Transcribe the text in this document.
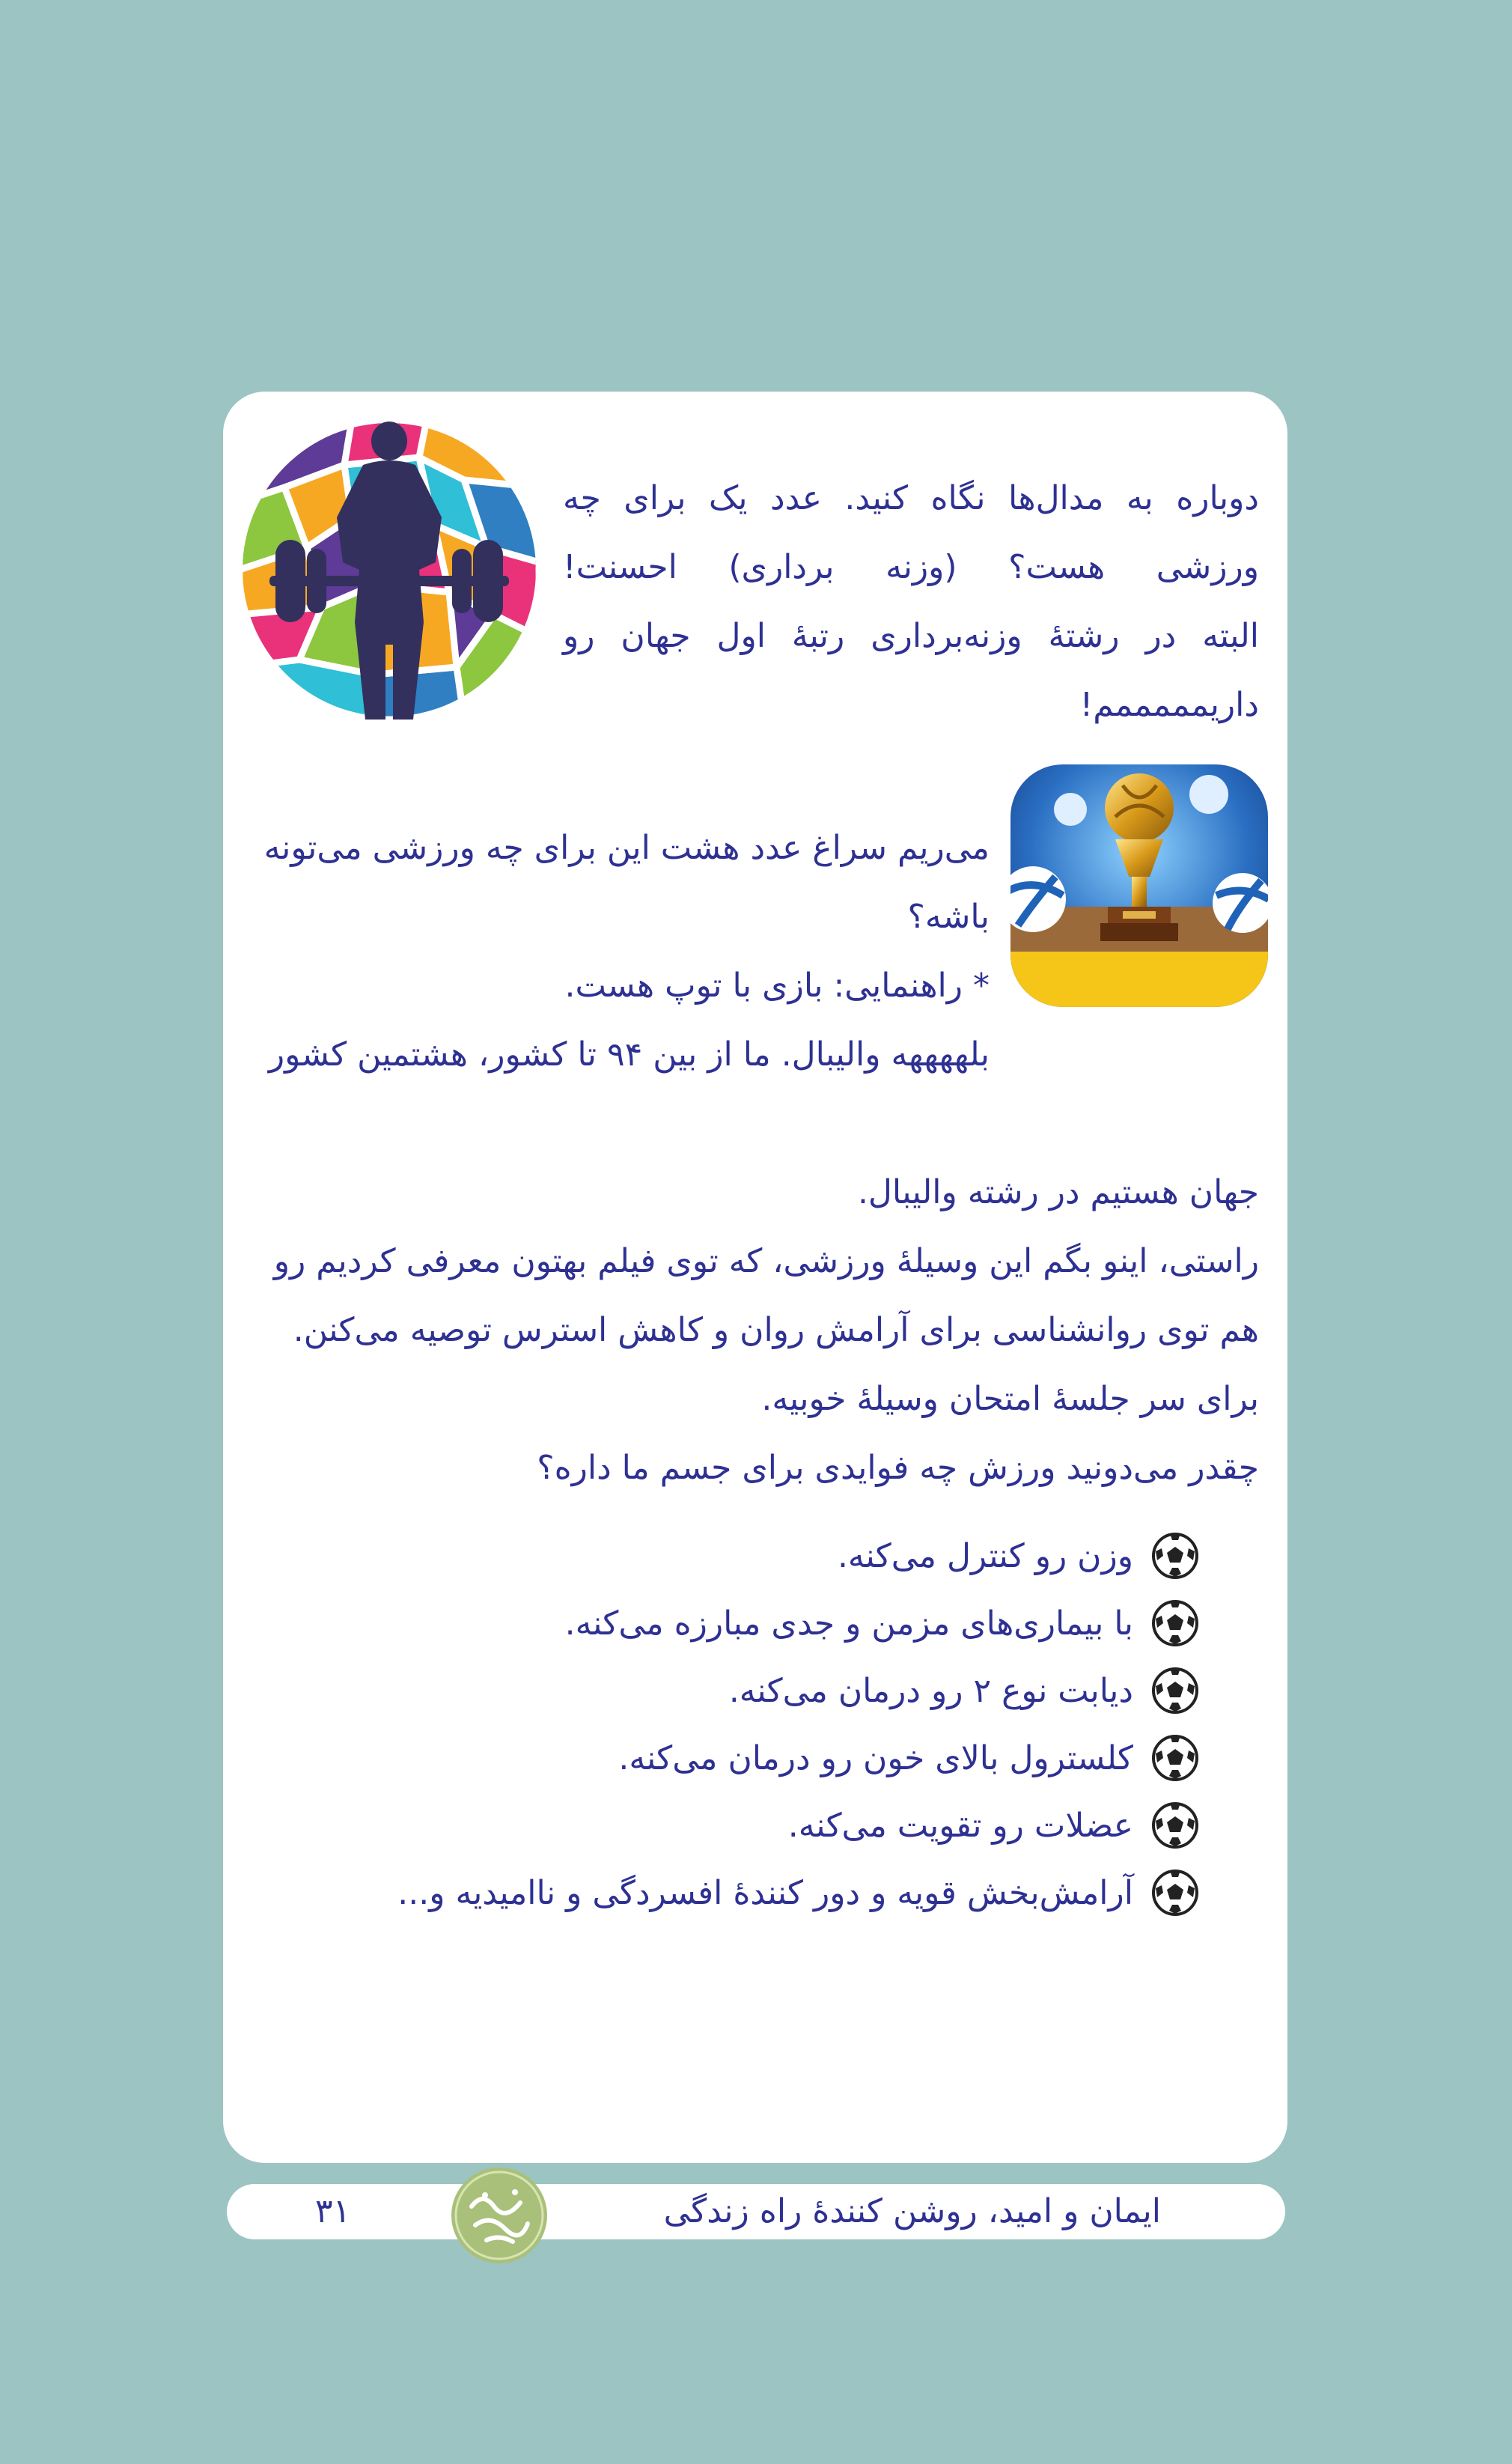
دوباره به مدال‌ها نگاه کنید. عدد یک برای چه
ورزشی هست؟ (وزنه برداری) احسنت!
البته در رشتۀ وزنه‌برداری رتبۀ اول جهان رو
داریمممممم!
می‌ریم سراغ عدد هشت این برای چه ورزشی می‌تونه
باشه؟
* راهنمایی: بازی با توپ هست.
بلههههه والیبال. ما از بین ۹۴ تا کشور، هشتمین کشور
جهان هستیم در رشته والیبال.
راستی، اینو بگم این وسیلۀ ورزشی، که توی فیلم بهتون معرفی کردیم رو
هم توی روانشناسی برای آرامش روان و کاهش استرس توصیه می‌کنن.
برای سر جلسۀ امتحان وسیلۀ خوبیه.
چقدر می‌دونید ورزش چه فوایدی برای جسم ما داره؟
وزن رو کنترل می‌کنه.
با بیماری‌های مزمن و جدی مبارزه می‌کنه.
دیابت نوع ۲ رو درمان می‌کنه.
کلسترول بالای خون رو درمان می‌کنه.
عضلات رو تقویت می‌کنه.
آرامش‌بخش قویه و دور کنندۀ افسردگی و ناامیدیه و...
۳۱	ایمان و امید، روشن کنندۀ راه زندگی
